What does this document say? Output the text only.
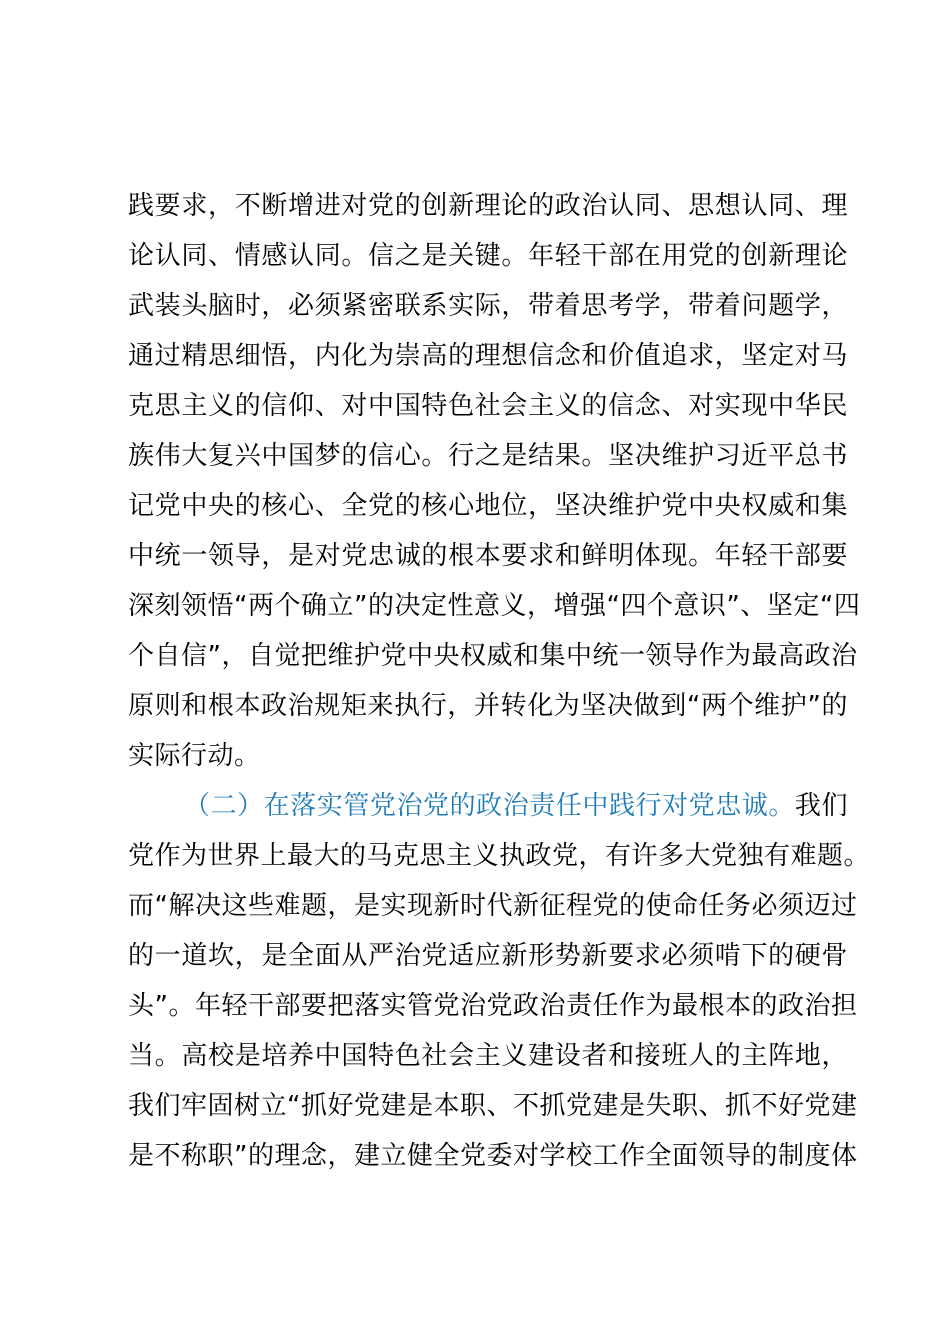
践要求，不断增进对党的创新理论的政治认同、思想认同、理
论认同、情感认同。信之是关键。年轻干部在用党的创新理论
武装头脑时，必须紧密联系实际，带着思考学，带着问题学，
通过精思细悟，内化为崇高的理想信念和价值追求，坚定对马
克思主义的信仰、对中国特色社会主义的信念、对实现中华民
族伟大复兴中国梦的信心。行之是结果。坚决维护习近平总书
记党中央的核心、全党的核心地位，坚决维护党中央权威和集
中统一领导，是对党忠诚的根本要求和鲜明体现。年轻干部要
深刻领悟“两个确立”的决定性意义，增强“四个意识”、坚定“四
个自信”，自觉把维护党中央权威和集中统一领导作为最高政治
原则和根本政治规矩来执行，并转化为坚决做到“两个维护”的
实际行动。
（二）在落实管党治党的政治责任中践行对党忠诚。我们
党作为世界上最大的马克思主义执政党，有许多大党独有难题。
而“解决这些难题，是实现新时代新征程党的使命任务必须迈过
的一道坎，是全面从严治党适应新形势新要求必须啃下的硬骨
头”。年轻干部要把落实管党治党政治责任作为最根本的政治担
当。高校是培养中国特色社会主义建设者和接班人的主阵地，
我们牢固树立“抓好党建是本职、不抓党建是失职、抓不好党建
是不称职”的理念，建立健全党委对学校工作全面领导的制度体
